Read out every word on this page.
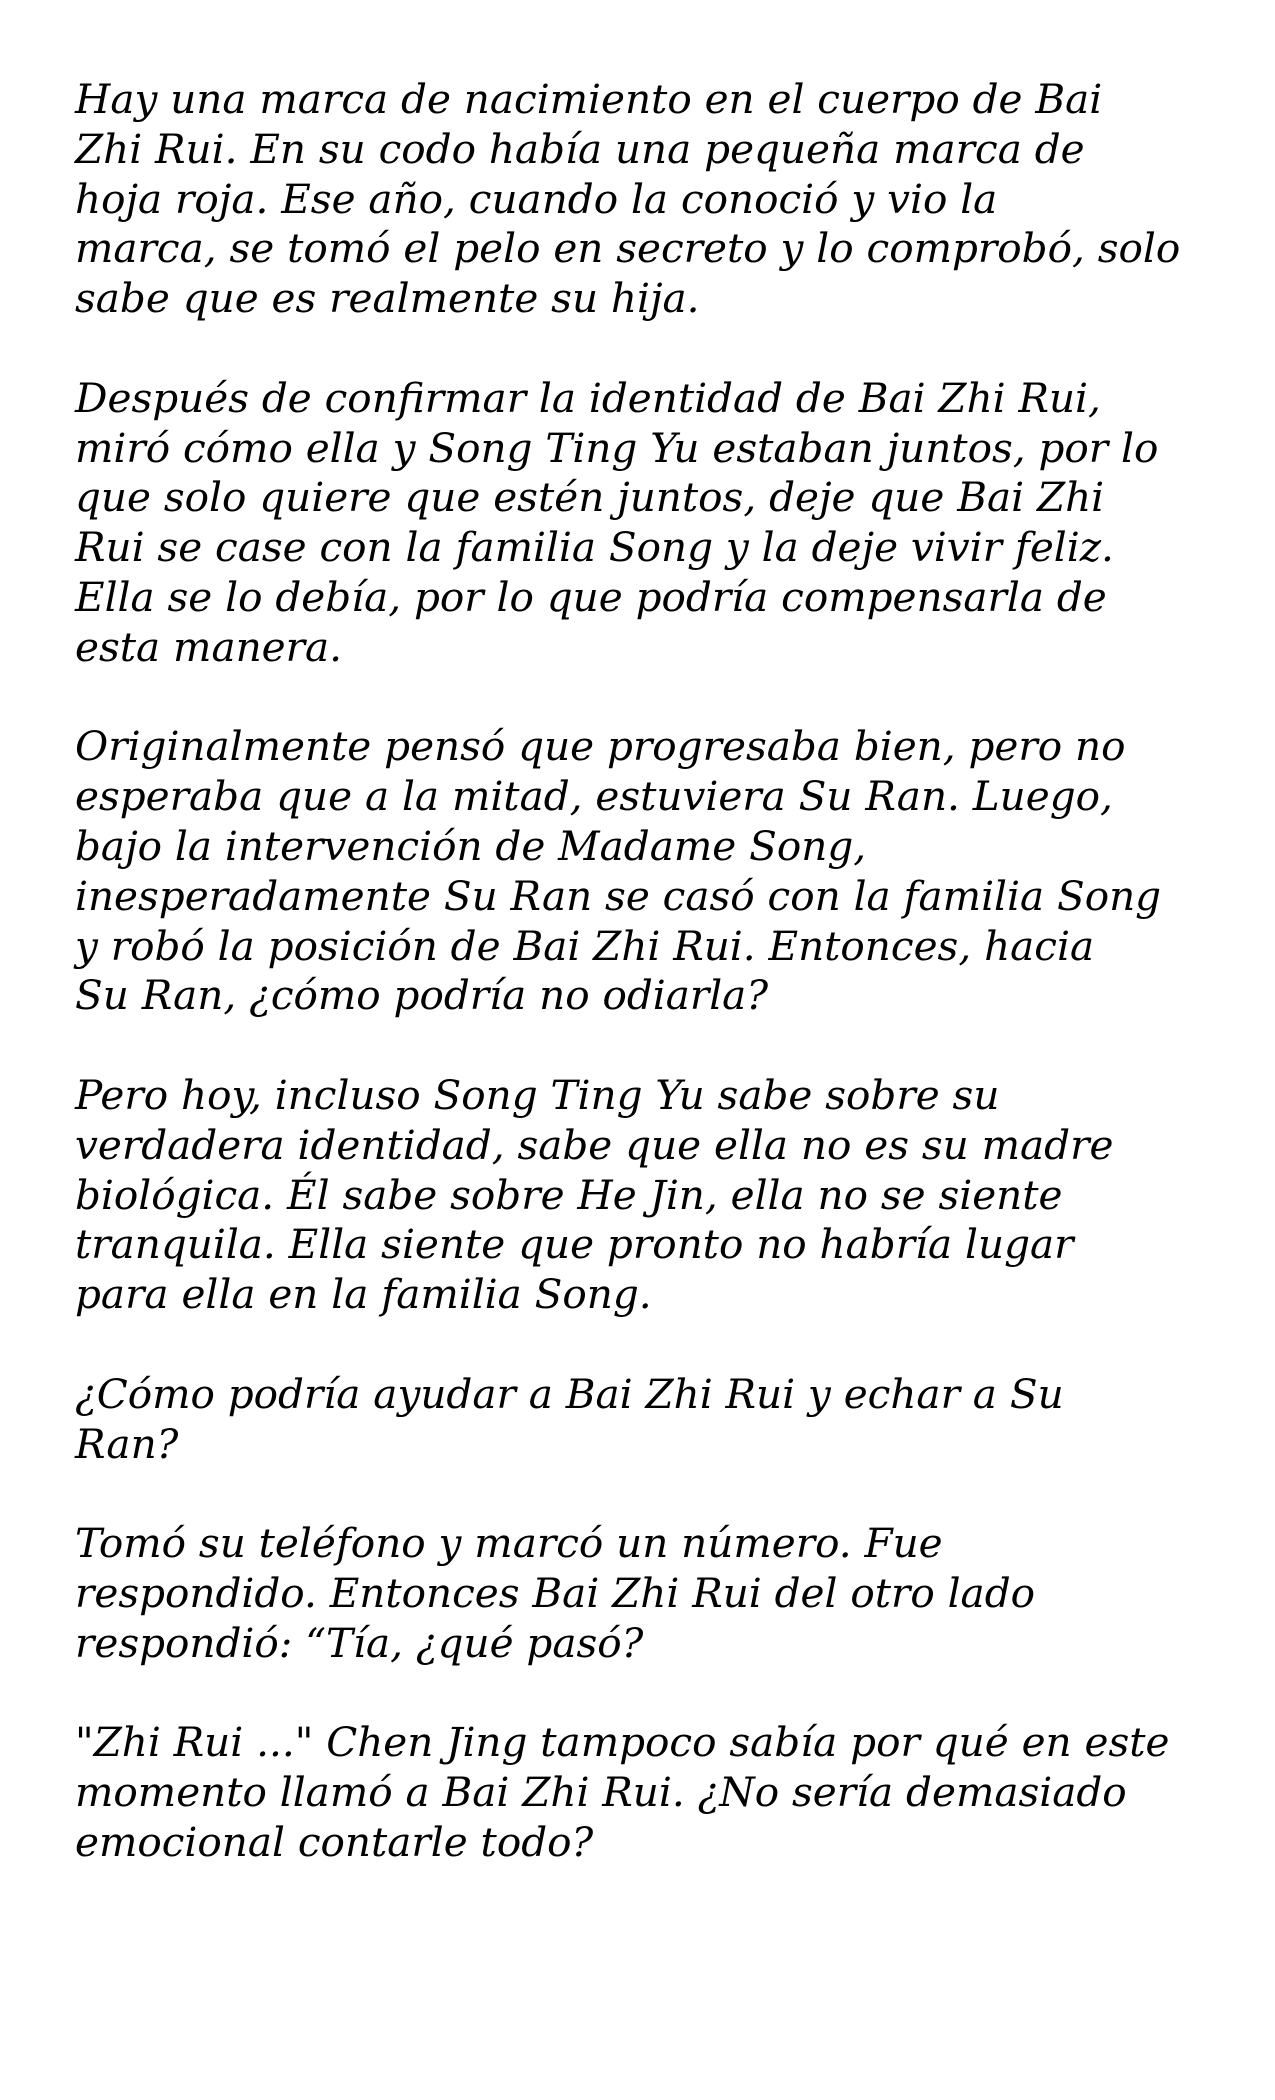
Hay una marca de nacimiento en el cuerpo de Bai
Zhi Rui. En su codo había una pequeña marca de
hoja roja. Ese año, cuando la conoció y vio la
marca, se tomó el pelo en secreto y lo comprobó, solo
sabe que es realmente su hija.

Después de confirmar la identidad de Bai Zhi Rui,
miró cómo ella y Song Ting Yu estaban juntos, por lo
que solo quiere que estén juntos, deje que Bai Zhi
Rui se case con la familia Song y la deje vivir feliz.
Ella se lo debía, por lo que podría compensarla de
esta manera.

Originalmente pensó que progresaba bien, pero no
esperaba que a la mitad, estuviera Su Ran. Luego,
bajo la intervención de Madame Song,
inesperadamente Su Ran se casó con la familia Song
y robó la posición de Bai Zhi Rui. Entonces, hacia
Su Ran, ¿cómo podría no odiarla?

Pero hoy, incluso Song Ting Yu sabe sobre su
verdadera identidad, sabe que ella no es su madre
biológica. Él sabe sobre He Jin, ella no se siente
tranquila. Ella siente que pronto no habría lugar
para ella en la familia Song.

¿Cómo podría ayudar a Bai Zhi Rui y echar a Su
Ran?

Tomó su teléfono y marcó un número. Fue
respondido. Entonces Bai Zhi Rui del otro lado
respondió: “Tía, ¿qué pasó?

"Zhi Rui ..." Chen Jing tampoco sabía por qué en este
momento llamó a Bai Zhi Rui. ¿No sería demasiado
emocional contarle todo?
